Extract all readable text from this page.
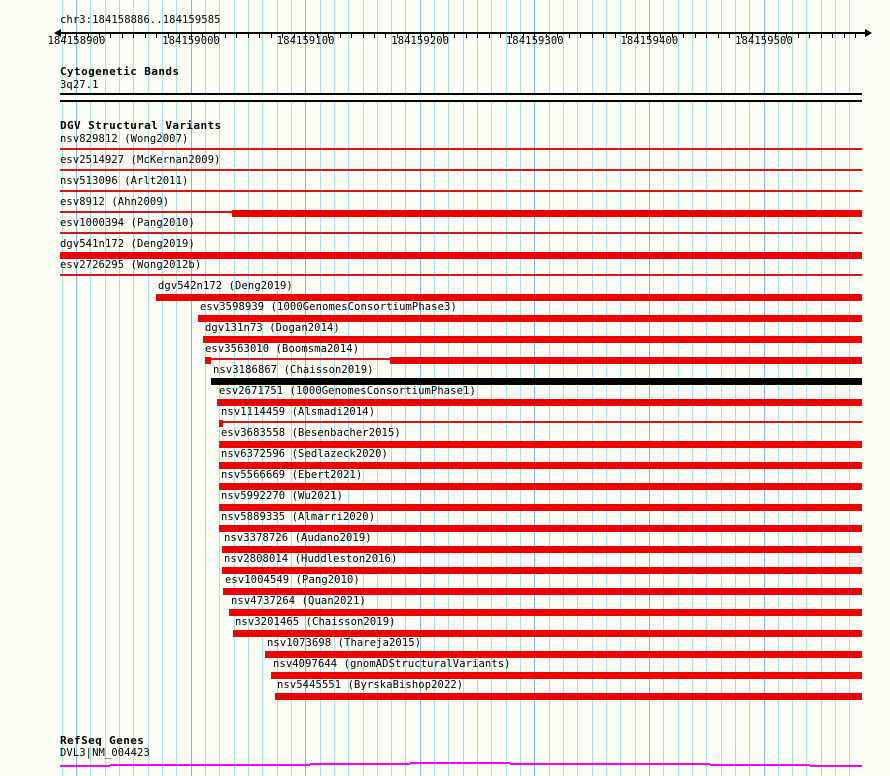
chr3:184158886..184159585
184158900	184159000	184159100	184159200	184159300	184159400	184159500
Cytogenetic Bands
3q27.1
DGV Structural Variants
nsv829812 (Wong2007)
esv2514927 (McKernan2009)
nsv513096 (Arlt2011)
esv8912 (Ahn2009)
esv1000394 (Pang2010)
dgv541n172 (Deng2019)
esv2726295 (Wong2012b)
dgv542n172 (Deng2019)
esv3598939 (1000GenomesConsortiumPhase3)
dgv131n73 (Dogan2014)
esv3563010 (Boomsma2014)
nsv3186867 (Chaisson2019)
esv2671751 (1000GenomesConsortiumPhase1)
nsv1114459 (Alsmadi2014)
esv3683558 (Besenbacher2015)
nsv6372596 (Sedlazeck2020)
nsv5566669 (Ebert2021)
nsv5992270 (Wu2021)
nsv5889335 (Almarri2020)
nsv3378726 (Audano2019)
nsv2808014 (Huddleston2016)
esv1004549 (Pang2010)
nsv4737264 (Quan2021)
nsv3201465 (Chaisson2019)
nsv1073698 (Thareja2015)
nsv4097644 (gnomADStructuralVariants)
nsv5445551 (ByrskaBishop2022)
RefSeq Genes
DVL3|NM_004423
